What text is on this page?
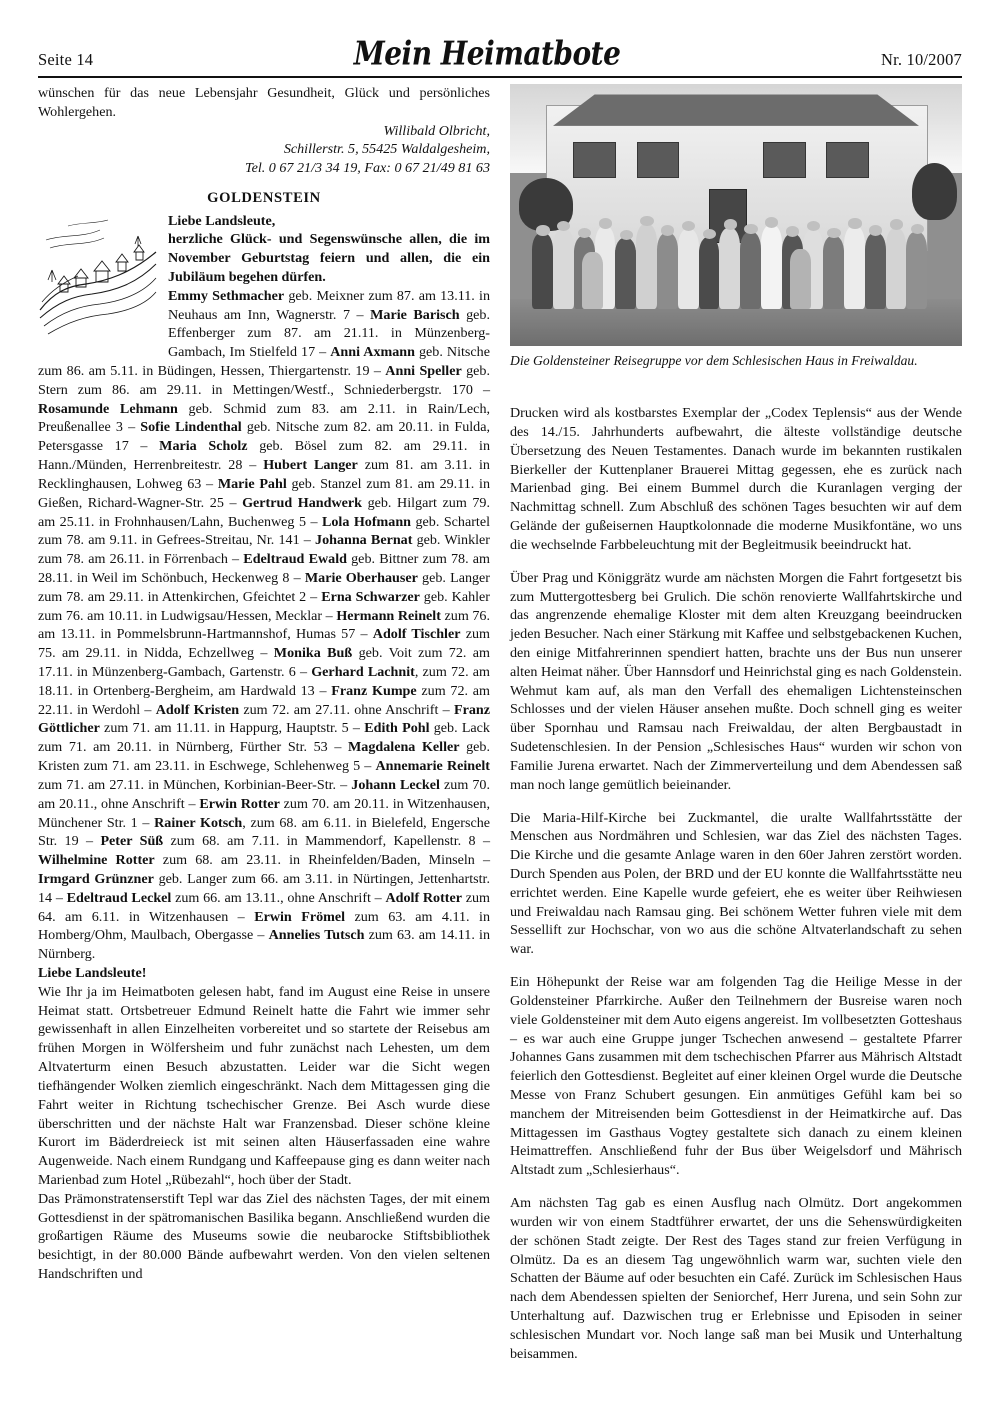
Seite 14	Mein Heimatbote	Nr. 10/2007

wünschen für das neue Lebensjahr Gesundheit, Glück und persönliches Wohlergehen.

Willibald Olbricht,

Schillerstr. 5, 55425 Waldalgesheim,

Tel. 0 67 21/3 34 19, Fax: 0 67 21/49 81 63

GOLDENSTEIN

Liebe Landsleute,

herzliche Glück- und Segenswünsche allen, die im November Geburtstag feiern und allen, die ein Jubiläum begehen dürfen.

Emmy Sethmacher geb. Meixner zum 87. am 13.11. in Neuhaus am Inn, Wagnerstr. 7 – Marie Barisch geb. Effenberger zum 87. am 21.11. in Münzenberg-Gambach, Im Stielfeld 17 – Anni Axmann geb. Nitsche zum 86. am 5.11. in Büdingen, Hessen, Thiergartenstr. 19 – Anni Speller geb. Stern zum 86. am 29.11. in Mettingen/Westf., Schniederbergstr. 170 – Rosamunde Lehmann geb. Schmid zum 83. am 2.11. in Rain/Lech, Preußenallee 3 – Sofie Lindenthal geb. Nitsche zum 82. am 20.11. in Fulda, Petersgasse 17 – Maria Scholz geb. Bösel zum 82. am 29.11. in Hann./Münden, Herrenbreitestr. 28 – Hubert Langer zum 81. am 3.11. in Recklinghausen, Lohweg 63 – Marie Pahl geb. Stanzel zum 81. am 29.11. in Gießen, Richard-Wagner-Str. 25 – Gertrud Handwerk geb. Hilgart zum 79. am 25.11. in Frohnhausen/Lahn, Buchenweg 5 – Lola Hofmann geb. Schartel zum 78. am 9.11. in Gefrees-Streitau, Nr. 141 – Johanna Bernat geb. Winkler zum 78. am 26.11. in Förrenbach – Edeltraud Ewald geb. Bittner zum 78. am 28.11. in Weil im Schönbuch, Heckenweg 8 – Marie Oberhauser geb. Langer zum 78. am 29.11. in Attenkirchen, Gfeichtet 2 – Erna Schwarzer geb. Kahler zum 76. am 10.11. in Ludwigsau/Hessen, Mecklar – Hermann Reinelt zum 76. am 13.11. in Pommelsbrunn-Hartmannshof, Humas 57 – Adolf Tischler zum 75. am 29.11. in Nidda, Echzellweg – Monika Buß geb. Voit zum 72. am 17.11. in Münzenberg-Gambach, Gartenstr. 6 – Gerhard Lachnit, zum 72. am 18.11. in Ortenberg-Bergheim, am Hardwald 13 – Franz Kumpe zum 72. am 22.11. in Werdohl – Adolf Kristen zum 72. am 27.11. ohne Anschrift – Franz Göttlicher zum 71. am 11.11. in Happurg, Hauptstr. 5 – Edith Pohl geb. Lack zum 71. am 20.11. in Nürnberg, Fürther Str. 53 – Magdalena Keller geb. Kristen zum 71. am 23.11. in Eschwege, Schlehenweg 5 – Annemarie Reinelt zum 71. am 27.11. in München, Korbinian-Beer-Str. – Johann Leckel zum 70. am 20.11., ohne Anschrift – Erwin Rotter zum 70. am 20.11. in Witzenhausen, Münchener Str. 1 – Rainer Kotsch, zum 68. am 6.11. in Bielefeld, Engersche Str. 19 – Peter Süß zum 68. am 7.11. in Mammendorf, Kapellenstr. 8 – Wilhelmine Rotter zum 68. am 23.11. in Rheinfelden/Baden, Minseln – Irmgard Grünzner geb. Langer zum 66. am 3.11. in Nürtingen, Jettenhartstr. 14 – Edeltraud Leckel zum 66. am 13.11., ohne Anschrift – Adolf Rotter zum 64. am 6.11. in Witzenhausen – Erwin Frömel zum 63. am 4.11. in Homberg/Ohm, Maulbach, Obergasse – Annelies Tutsch zum 63. am 14.11. in Nürnberg.

Liebe Landsleute!

Wie Ihr ja im Heimatboten gelesen habt, fand im August eine Reise in unsere Heimat statt. Ortsbetreuer Edmund Reinelt hatte die Fahrt wie immer sehr gewissenhaft in allen Einzelheiten vorbereitet und so startete der Reisebus am frühen Morgen in Wölfersheim und fuhr zunächst nach Lehesten, um dem Altvaterturm einen Besuch abzustatten. Leider war die Sicht wegen tiefhängender Wolken ziemlich eingeschränkt. Nach dem Mittagessen ging die Fahrt weiter in Richtung tschechischer Grenze. Bei Asch wurde diese überschritten und der nächste Halt war Franzensbad. Dieser schöne kleine Kurort im Bäderdreieck ist mit seinen alten Häuserfassaden eine wahre Augenweide. Nach einem Rundgang und Kaffeepause ging es dann weiter nach Marienbad zum Hotel „Rübezahl“, hoch über der Stadt.

Das Prämonstratenserstift Tepl war das Ziel des nächsten Tages, der mit einem Gottesdienst in der spätromanischen Basilika begann. Anschließend wurden die großartigen Räume des Museums sowie die neubarocke Stiftsbibliothek besichtigt, in der 80.000 Bände aufbewahrt werden. Von den vielen seltenen Handschriften und

Die Goldensteiner Reisegruppe vor dem Schlesischen Haus in Freiwaldau.

Drucken wird als kostbarstes Exemplar der „Codex Teplensis“ aus der Wende des 14./15. Jahrhunderts aufbewahrt, die älteste vollständige deutsche Übersetzung des Neuen Testamentes. Danach wurde im bekannten rustikalen Bierkeller der Kuttenplaner Brauerei Mittag gegessen, ehe es zurück nach Marienbad ging. Bei einem Bummel durch die Kuranlagen verging der Nachmittag schnell. Zum Abschluß des schönen Tages besuchten wir auf dem Gelände der gußeisernen Hauptkolonnade die moderne Musikfontäne, wo uns die wechselnde Farbbeleuchtung mit der Begleitmusik beeindruckt hat.

Über Prag und Königgrätz wurde am nächsten Morgen die Fahrt fortgesetzt bis zum Muttergottesberg bei Grulich. Die schön renovierte Wallfahrtskirche und das angrenzende ehemalige Kloster mit dem alten Kreuzgang beeindrucken jeden Besucher. Nach einer Stärkung mit Kaffee und selbstgebackenen Kuchen, den einige Mitfahrerinnen spendiert hatten, brachte uns der Bus nun unserer alten Heimat näher. Über Hannsdorf und Heinrichstal ging es nach Goldenstein. Wehmut kam auf, als man den Verfall des ehemaligen Lichtensteinschen Schlosses und der vielen Häuser ansehen mußte. Doch schnell ging es weiter über Spornhau und Ramsau nach Freiwaldau, der alten Bergbaustadt in Sudetenschlesien. In der Pension „Schlesisches Haus“ wurden wir schon von Familie Jurena erwartet. Nach der Zimmerverteilung und dem Abendessen saß man noch lange gemütlich beieinander.

Die Maria-Hilf-Kirche bei Zuckmantel, die uralte Wallfahrtsstätte der Menschen aus Nordmähren und Schlesien, war das Ziel des nächsten Tages. Die Kirche und die gesamte Anlage waren in den 60er Jahren zerstört worden. Durch Spenden aus Polen, der BRD und der EU konnte die Wallfahrtsstätte neu errichtet werden. Eine Kapelle wurde gefeiert, ehe es weiter über Reihwiesen und Freiwaldau nach Ramsau ging. Bei schönem Wetter fuhren viele mit dem Sessellift zur Hochschar, von wo aus die schöne Altvaterlandschaft zu sehen war.

Ein Höhepunkt der Reise war am folgenden Tag die Heilige Messe in der Goldensteiner Pfarrkirche. Außer den Teilnehmern der Busreise waren noch viele Goldensteiner mit dem Auto eigens angereist. Im vollbesetzten Gotteshaus – es war auch eine Gruppe junger Tschechen anwesend – gestaltete Pfarrer Johannes Gans zusammen mit dem tschechischen Pfarrer aus Mährisch Altstadt feierlich den Gottesdienst. Begleitet auf einer kleinen Orgel wurde die Deutsche Messe von Franz Schubert gesungen. Ein anmütiges Gefühl kam bei so manchem der Mitreisenden beim Gottesdienst in der Heimatkirche auf. Das Mittagessen im Gasthaus Vogtey gestaltete sich danach zu einem kleinen Heimattreffen. Anschließend fuhr der Bus über Weigelsdorf und Mährisch Altstadt zum „Schlesierhaus“.

Am nächsten Tag gab es einen Ausflug nach Olmütz. Dort angekommen wurden wir von einem Stadtführer erwartet, der uns die Sehenswürdigkeiten der schönen Stadt zeigte. Der Rest des Tages stand zur freien Verfügung in Olmütz. Da es an diesem Tag ungewöhnlich warm war, suchten viele den Schatten der Bäume auf oder besuchten ein Café. Zurück im Schlesischen Haus nach dem Abendessen spielten der Seniorchef, Herr Jurena, und sein Sohn zur Unterhaltung auf. Dazwischen trug er Erlebnisse und Episoden in seiner schlesischen Mundart vor. Noch lange saß man bei Musik und Unterhaltung beisammen.
